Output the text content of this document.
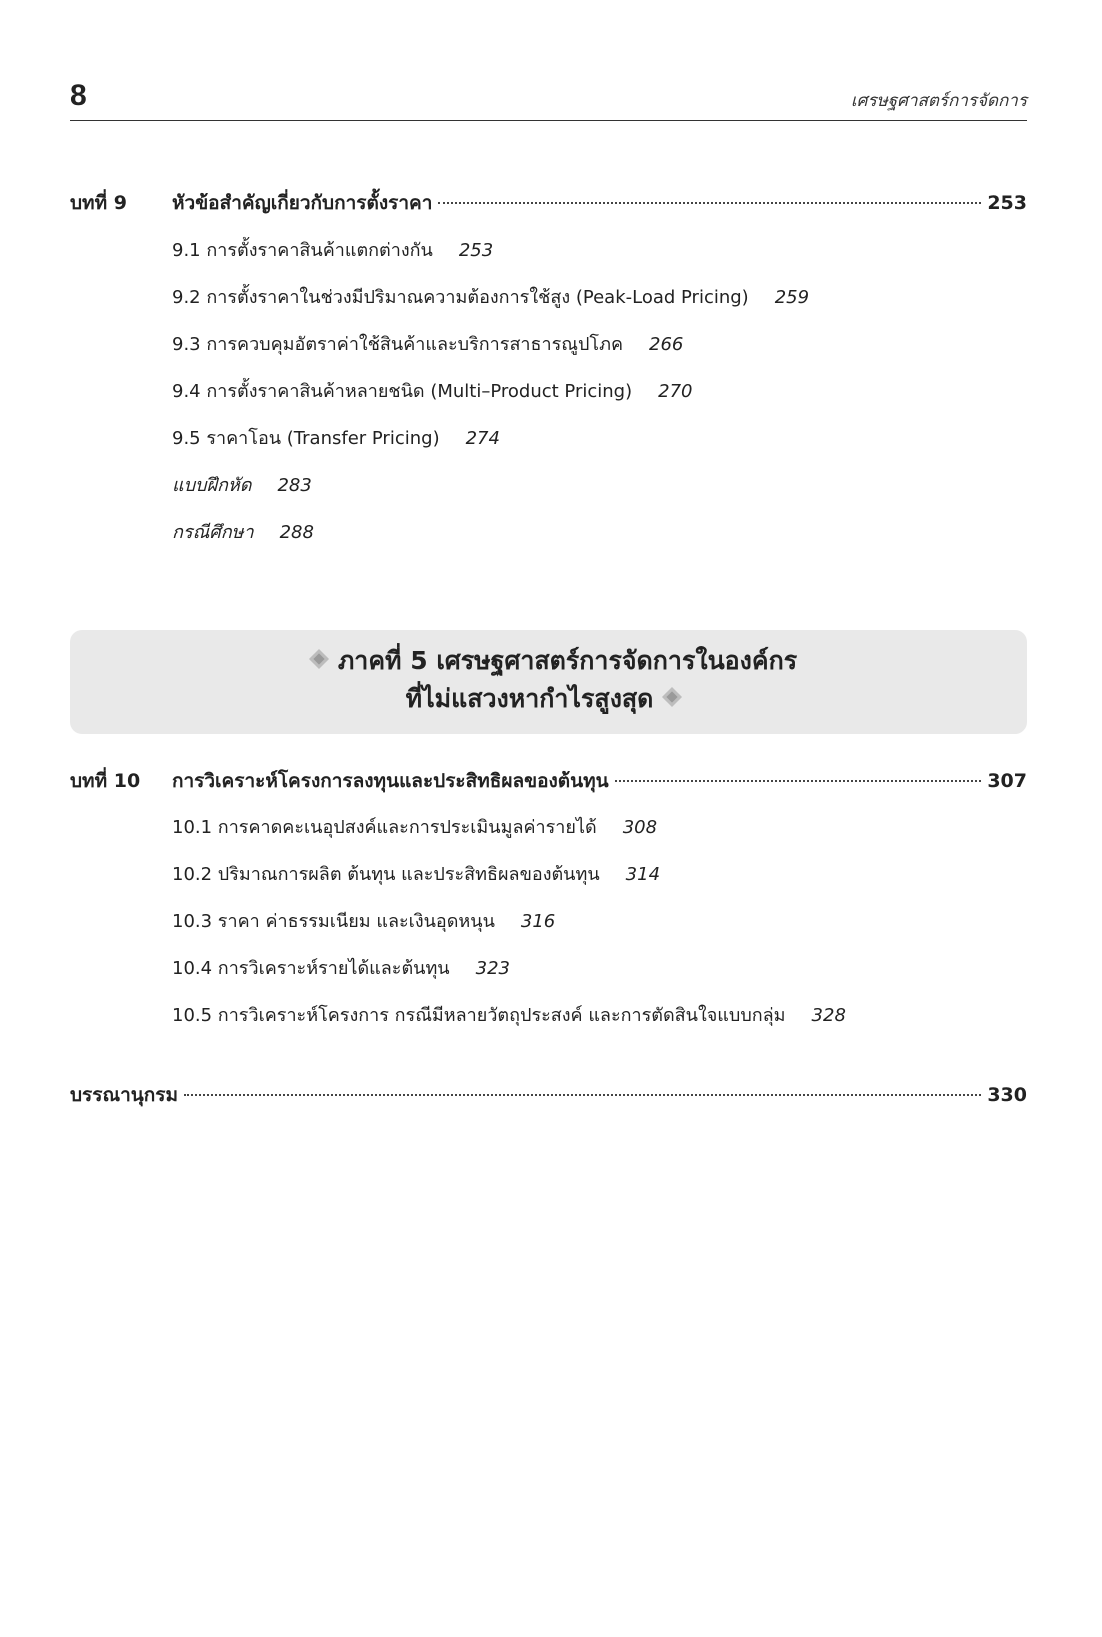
8	เศรษฐศาสตร์การจัดการ
บทที่ 9	หัวข้อสำคัญเกี่ยวกับการตั้งราคา	253
9.1 การตั้งราคาสินค้าแตกต่างกัน 253
9.2 การตั้งราคาในช่วงมีปริมาณความต้องการใช้สูง (Peak-Load Pricing) 259
9.3 การควบคุมอัตราค่าใช้สินค้าและบริการสาธารณูปโภค 266
9.4 การตั้งราคาสินค้าหลายชนิด (Multi–Product Pricing) 270
9.5 ราคาโอน (Transfer Pricing) 274
แบบฝึกหัด 283
กรณีศึกษา 288
ภาคที่ 5 เศรษฐศาสตร์การจัดการในองค์กร
ที่ไม่แสวงหากำไรสูงสุด
บทที่ 10	การวิเคราะห์โครงการลงทุนและประสิทธิผลของต้นทุน	307
10.1 การคาดคะเนอุปสงค์และการประเมินมูลค่ารายได้ 308
10.2 ปริมาณการผลิต ต้นทุน และประสิทธิผลของต้นทุน 314
10.3 ราคา ค่าธรรมเนียม และเงินอุดหนุน 316
10.4 การวิเคราะห์รายได้และต้นทุน 323
10.5 การวิเคราะห์โครงการ กรณีมีหลายวัตถุประสงค์ และการตัดสินใจแบบกลุ่ม 328
บรรณานุกรม	330
